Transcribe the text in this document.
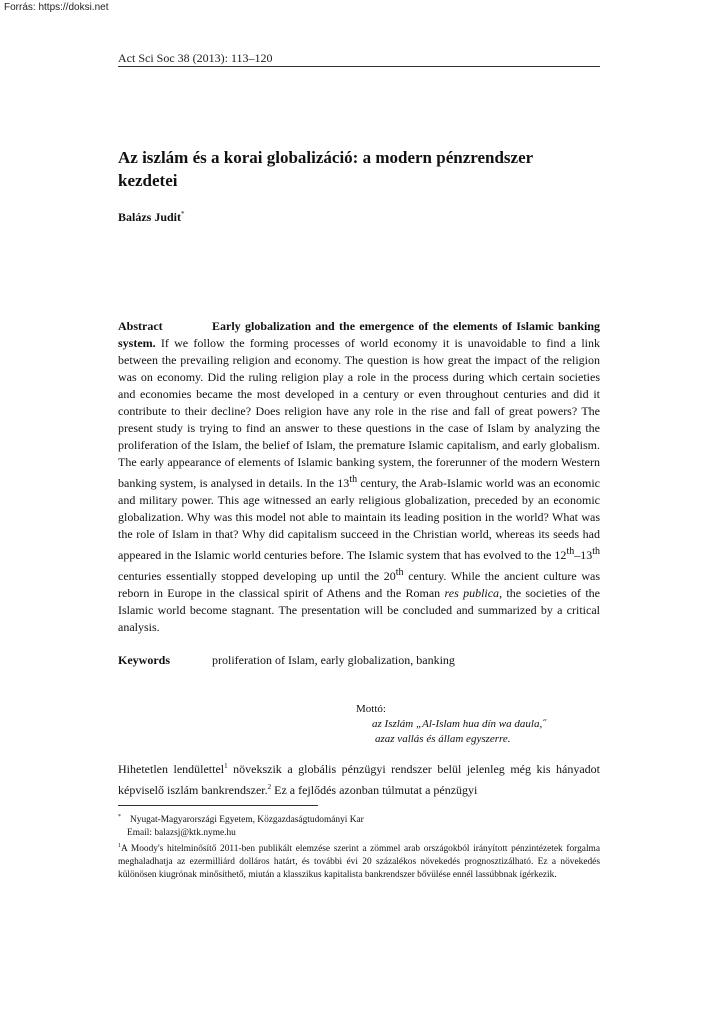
Forrás: https://doksi.net
Act Sci Soc 38 (2013): 113–120
Az iszlám és a korai globalizáció: a modern pénzrendszer kezdetei
Balázs Judit*
Abstract	Early globalization and the emergence of the elements of Islamic banking system. If we follow the forming processes of world economy it is unavoidable to find a link between the prevailing religion and economy. The question is how great the impact of the religion was on economy. Did the ruling religion play a role in the process during which certain societies and economies became the most developed in a century or even throughout centuries and did it contribute to their decline? Does religion have any role in the rise and fall of great powers? The present study is trying to find an answer to these questions in the case of Islam by analyzing the proliferation of the Islam, the belief of Islam, the premature Islamic capitalism, and early globalism. The early appearance of elements of Islamic banking system, the forerunner of the modern Western banking system, is analysed in details. In the 13th century, the Arab-Islamic world was an economic and military power. This age witnessed an early religious globalization, preceded by an economic globalization. Why was this model not able to maintain its leading position in the world? What was the role of Islam in that? Why did capitalism succeed in the Christian world, whereas its seeds had appeared in the Islamic world centuries before. The Islamic system that has evolved to the 12th–13th centuries essentially stopped developing up until the 20th century. While the ancient culture was reborn in Europe in the classical spirit of Athens and the Roman res publica, the societies of the Islamic world become stagnant. The presentation will be concluded and summarized by a critical analysis.
Keywords	proliferation of Islam, early globalization, banking
Mottó:
az Iszlám „Al-Islam hua dín wa daula,˝
azaz vallás és állam egyszerre.
Hihetetlen lendülettel$^1$ növekszik a globális pénzügyi rendszer belül jelenleg még kis hányadot képviselő iszlám bankrendszer.$^2$ Ez a fejlődés azonban túlmutat a pénzügyi
* Nyugat-Magyarországi Egyetem, Közgazdaságtudományi Kar
Email: balazsj@ktk.nyme.hu
$^1$A Moody's hitelminősítő 2011-ben publikált elemzése szerint a zömmel arab országokból irányított pénzintézetek forgalma meghaladhatja az ezermilliárd dolláros határt, és további évi 20 százalékos növekedés prognosztizálható. Ez a növekedés különösen kiugrónak minősíthető, miután a klasszikus kapitalista bankrendszer bővülése ennél lassúbbnak ígérkezik.
